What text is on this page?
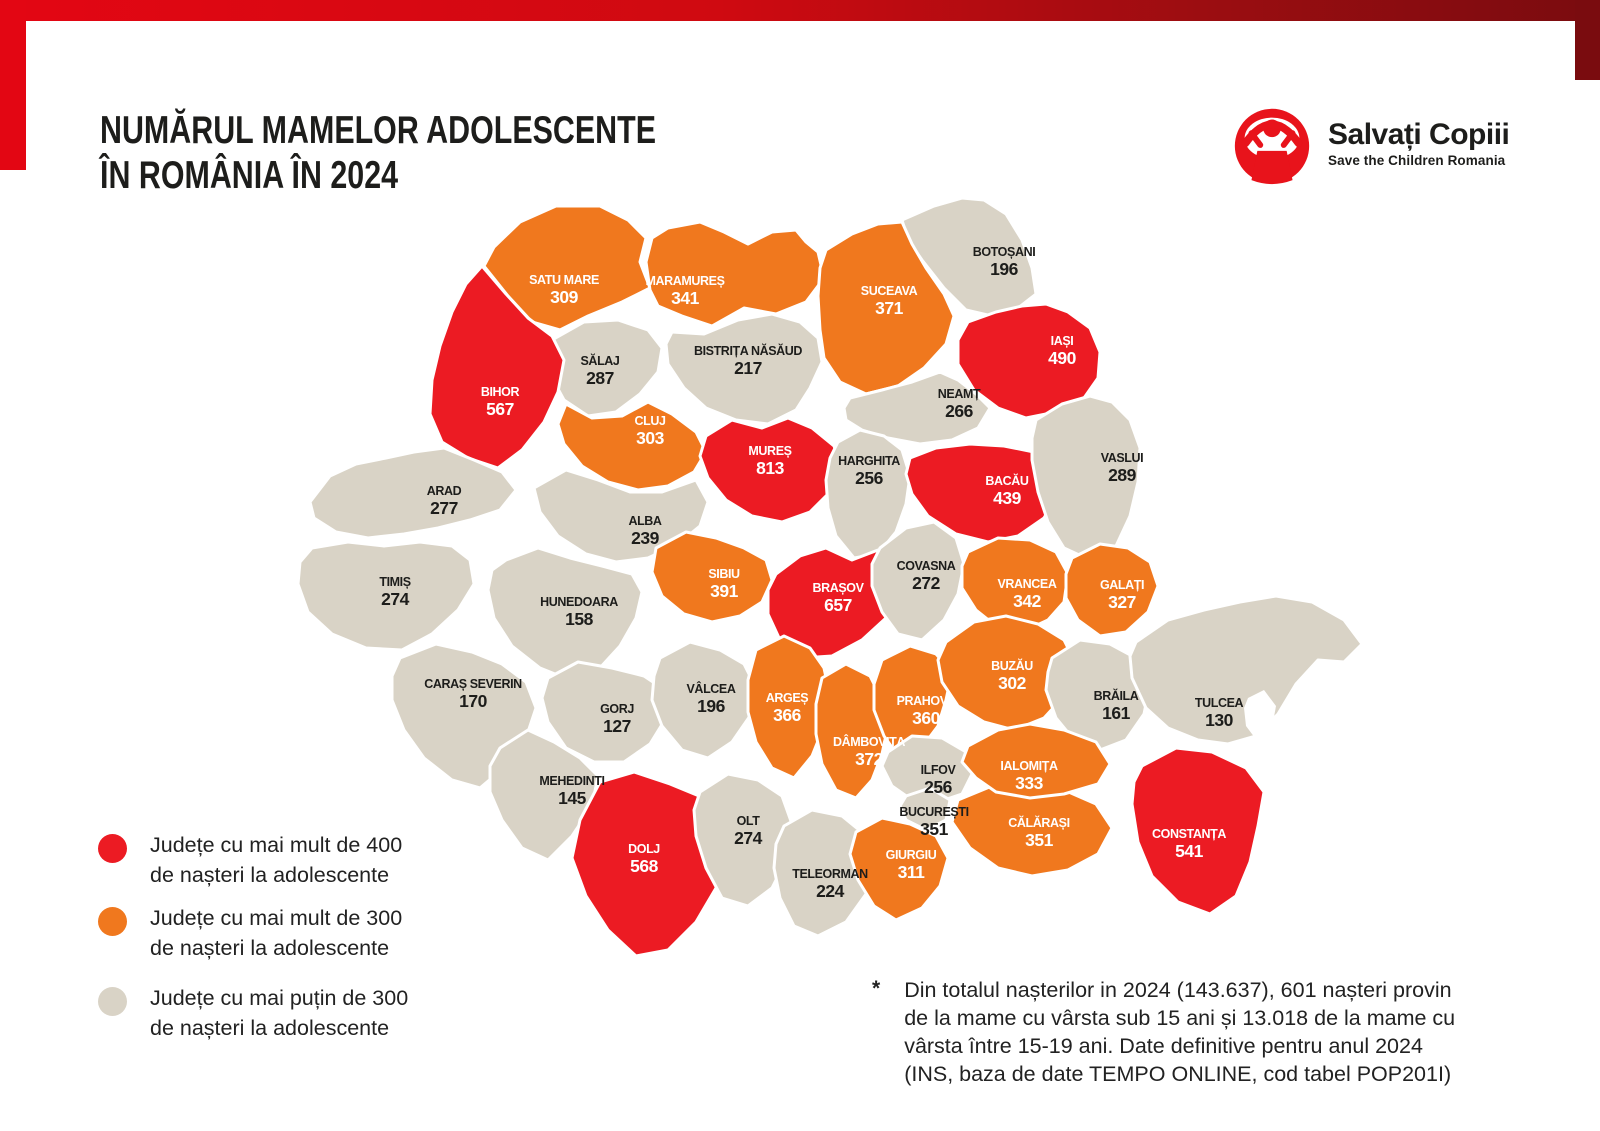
NUMĂRUL MAMELOR ADOLESCENTE
ÎN ROMÂNIA ÎN 2024
Salvați Copiii
Save the Children Romania
SATU MARE
309
MARAMUREȘ
341
BOTOȘANI
196
SUCEAVA
371
SĂLAJ
287
BISTRIȚA NĂSĂUD
217
IAȘI
490
BIHOR
567
CLUJ
303
NEAMȚ
266
MUREȘ
813	HARGHITA
256	BACĂU
439
VASLUI
289
ARAD
277
ALBA
239
TIMIȘ
274	HUNEDOARA
158
SIBIU
391	BRAȘOV
657
COVASNA
272	VRANCEA
342
GALAȚI
327
CARAȘ SEVERIN
170	GORJ
127
VÂLCEA
196	ARGEȘ
366
DÂMBOVIȚA
372
PRAHOVA
360
BUZĂU
302
BRĂILA
161	TULCEA
130
MEHEDINTI
145
DOLJ
568
OLT
274
TELEORMAN
224
GIURGIU
311
ILFOV
256
BUCUREȘTI
351	CĂLĂRAȘI
351
IALOMIȚA
333
CONSTANȚA
541
Județe cu mai mult de 400
de nașteri la adolescente
Județe cu mai mult de 300
de nașteri la adolescente
Județe cu mai puțin de 300
de nașteri la adolescente
* Din totalul nașterilor in 2024 (143.637), 601 nașteri provin
de la mame cu vârsta sub 15 ani și 13.018 de la mame cu
vârsta între 15-19 ani. Date definitive pentru anul 2024
(INS, baza de date TEMPO ONLINE, cod tabel POP201I)
